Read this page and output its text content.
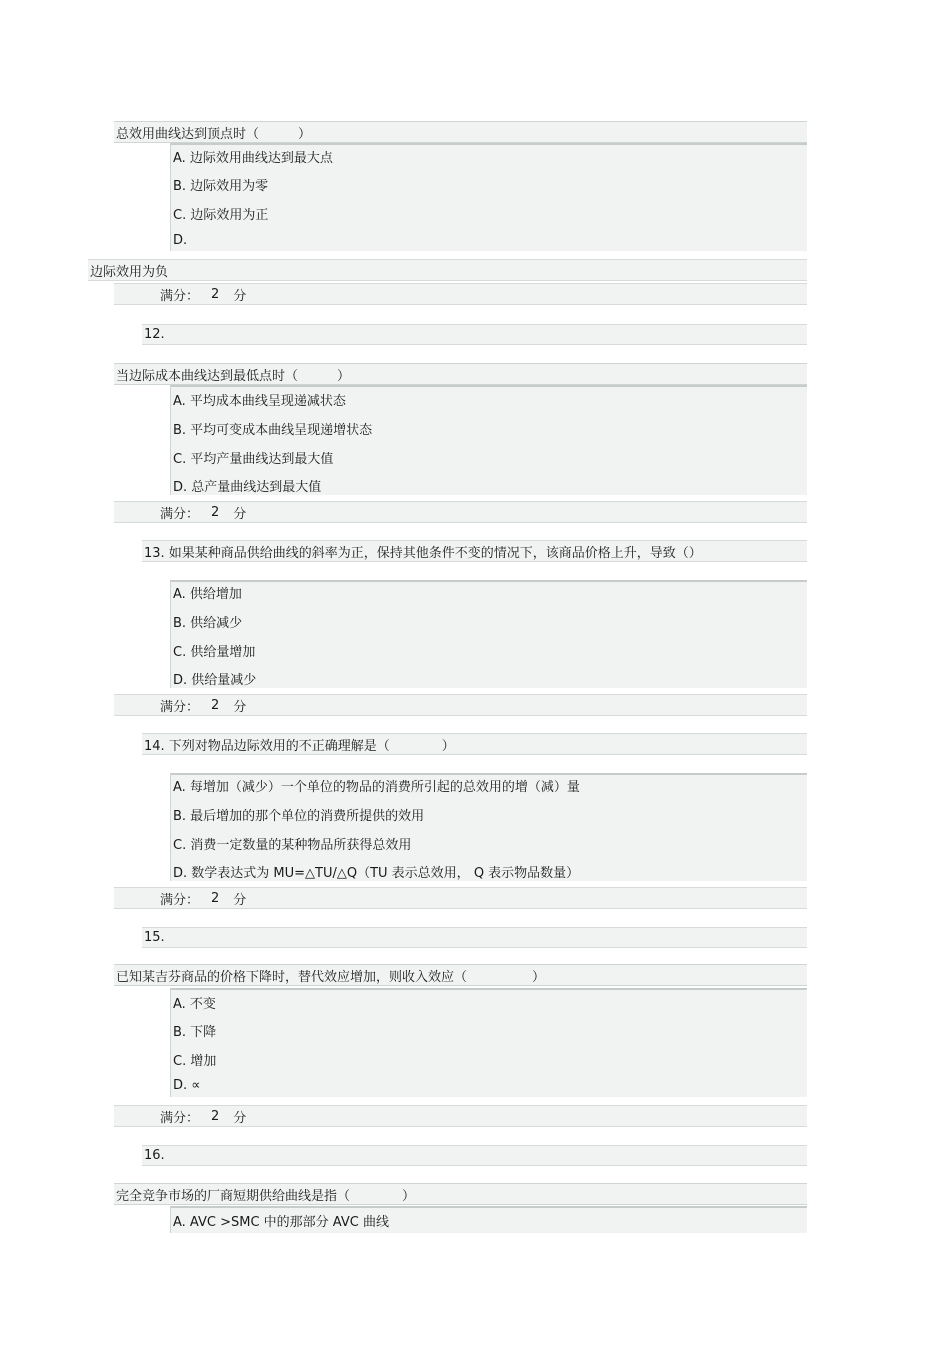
总效用曲线达到顶点时（　　　）
A. 边际效用曲线达到最大点
B. 边际效用为零
C. 边际效用为正
D.
边际效用为负
满分： 2 分
12.
当边际成本曲线达到最低点时（　　　）
A. 平均成本曲线呈现递减状态
B. 平均可变成本曲线呈现递增状态
C. 平均产量曲线达到最大值
D. 总产量曲线达到最大值
满分： 2 分
13. 如果某种商品供给曲线的斜率为正，保持其他条件不变的情况下，该商品价格上升，导致（）
A. 供给增加
B. 供给减少
C. 供给量增加
D. 供给量减少
满分： 2 分
14. 下列对物品边际效用的不正确理解是（　　　　）
A. 每增加（减少）一个单位的物品的消费所引起的总效用的增（减）量
B. 最后增加的那个单位的消费所提供的效用
C. 消费一定数量的某种物品所获得总效用
D. 数学表达式为 MU=△TU/△Q（TU 表示总效用， Q 表示物品数量）
满分： 2 分
15.
已知某吉芬商品的价格下降时，替代效应增加，则收入效应（　　　　　）
A. 不变
B. 下降
C. 增加
D. ∝
满分： 2 分
16.
完全竞争市场的厂商短期供给曲线是指（　　　　）
A. AVC >SMC 中的那部分 AVC 曲线
